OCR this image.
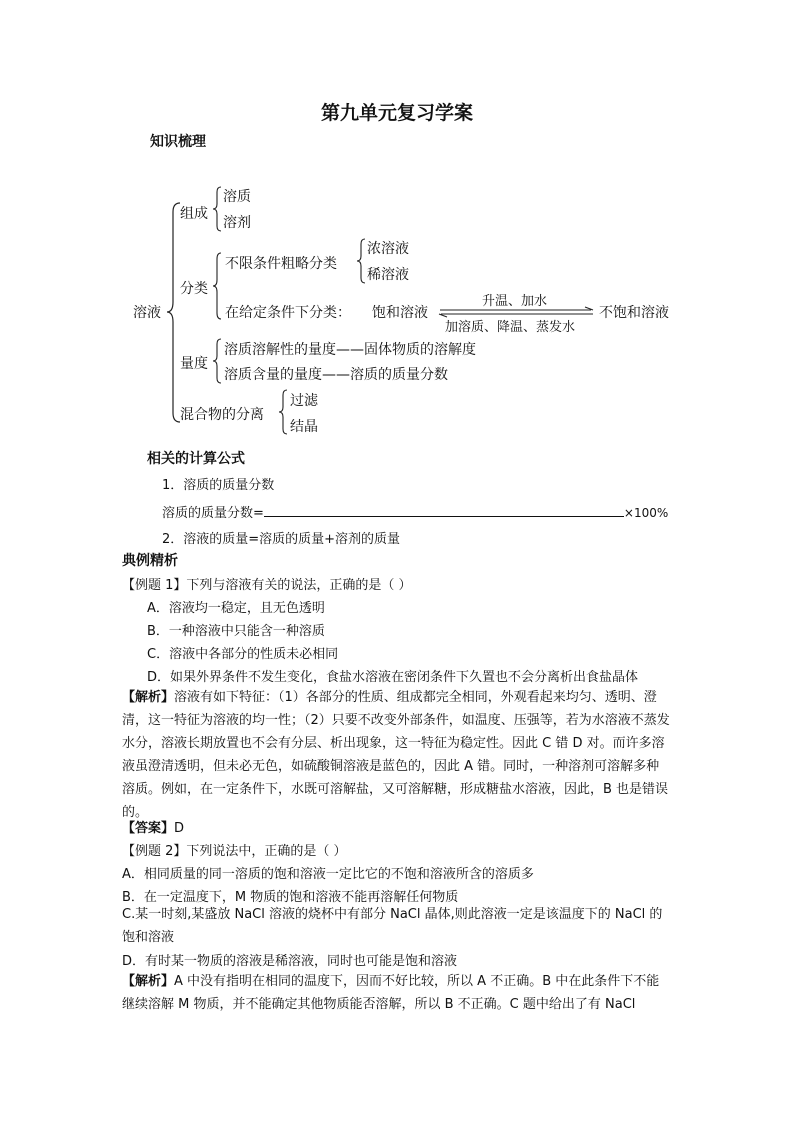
第九单元复习学案
知识梳理
溶液
组成
溶质
溶剂
分类
不限条件粗略分类
浓溶液
稀溶液
在给定条件下分类： 饱和溶液
升温、加水
加溶质、降温、蒸发水
不饱和溶液
量度
溶质溶解性的量度——固体物质的溶解度
溶质含量的量度——溶质的质量分数
混合物的分离
过滤
结晶
相关的计算公式
1．溶质的质量分数
溶质的质量分数=	×100%
2．溶液的质量=溶质的质量+溶剂的质量
典例精析
【例题 1】下列与溶液有关的说法，正确的是（ ）
A．溶液均一稳定，且无色透明
B．一种溶液中只能含一种溶质
C．溶液中各部分的性质未必相同
D．如果外界条件不发生变化，食盐水溶液在密闭条件下久置也不会分离析出食盐晶体
【解析】溶液有如下特征：（1）各部分的性质、组成都完全相同，外观看起来均匀、透明、澄清，这一特征为溶液的均一性；（2）只要不改变外部条件，如温度、压强等，若为水溶液不蒸发水分，溶液长期放置也不会有分层、析出现象，这一特征为稳定性。因此 C 错 D 对。而许多溶液虽澄清透明，但未必无色，如硫酸铜溶液是蓝色的，因此 A 错。同时，一种溶剂可溶解多种溶质。例如，在一定条件下，水既可溶解盐，又可溶解糖，形成糖盐水溶液，因此，B 也是错误的。
【答案】D
【例题 2】下列说法中，正确的是（ ）
A．相同质量的同一溶质的饱和溶液一定比它的不饱和溶液所含的溶质多
B．在一定温度下，M 物质的饱和溶液不能再溶解任何物质
C.某一时刻,某盛放 NaCl 溶液的烧杯中有部分 NaCl 晶体,则此溶液一定是该温度下的 NaCl 的饱和溶液
D．有时某一物质的溶液是稀溶液，同时也可能是饱和溶液
【解析】A 中没有指明在相同的温度下，因而不好比较，所以 A 不正确。B 中在此条件下不能继续溶解 M 物质，并不能确定其他物质能否溶解，所以 B 不正确。C 题中给出了有 NaCl
